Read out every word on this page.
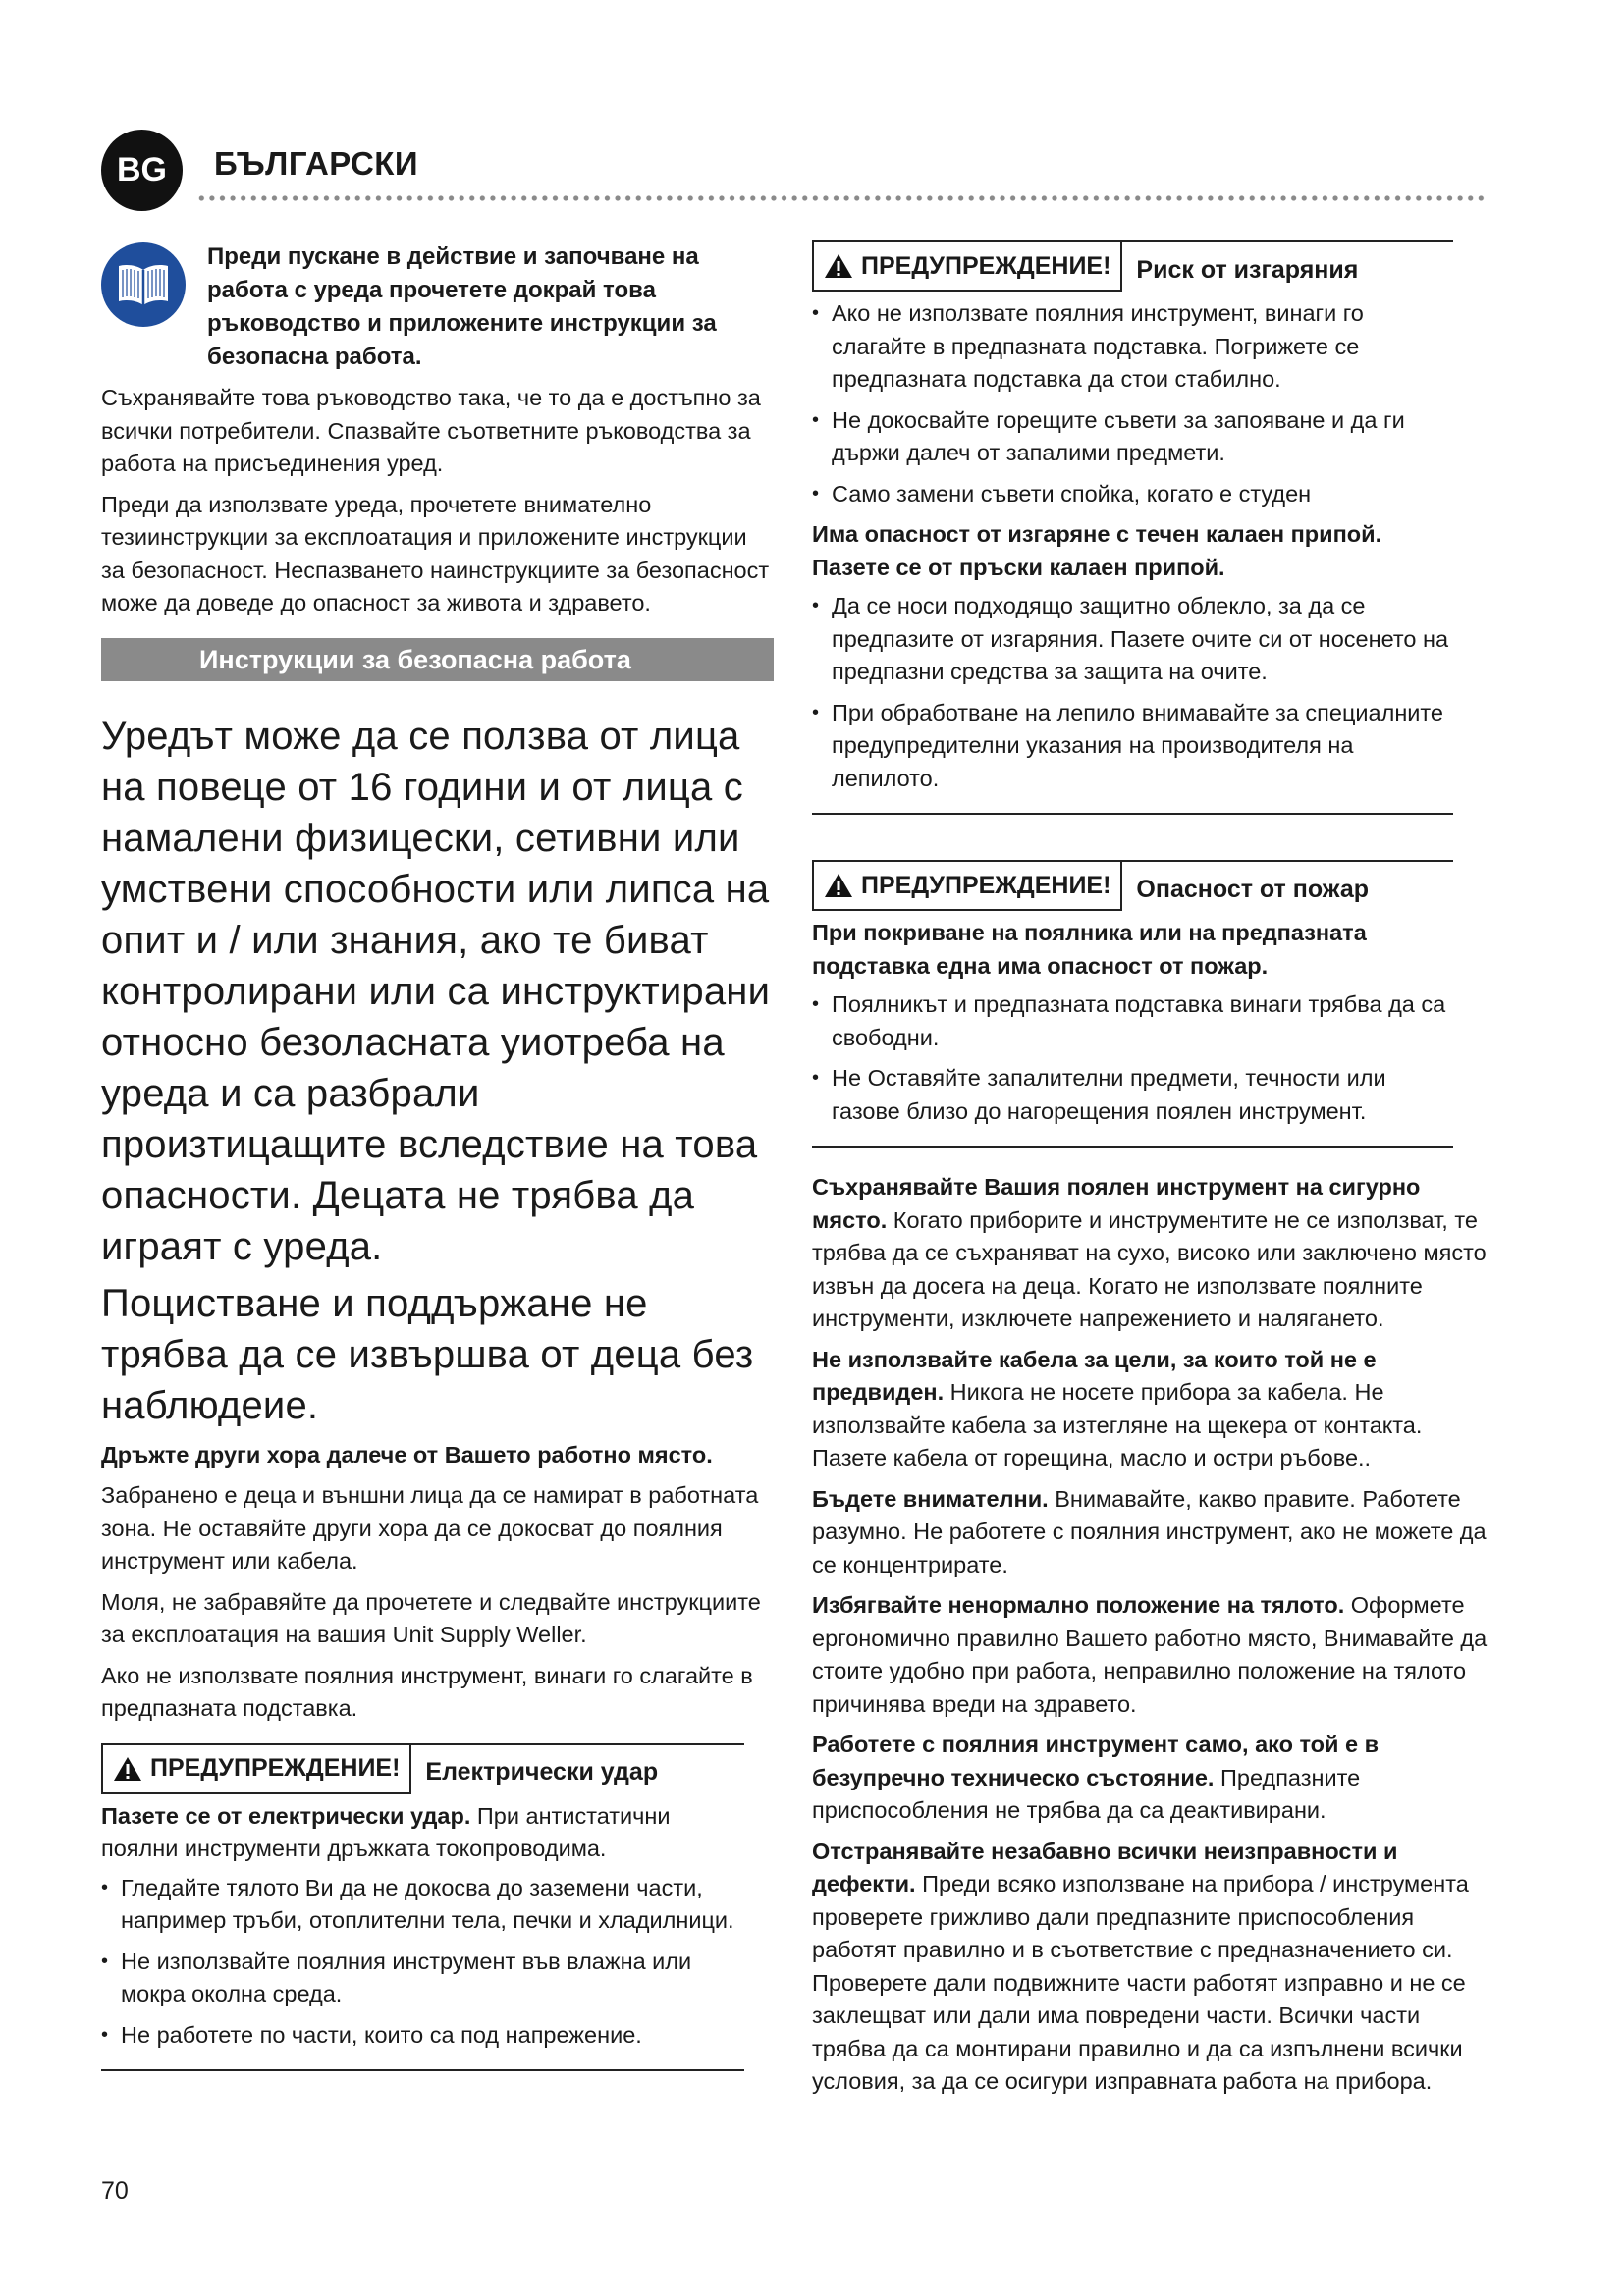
BG	БЪЛГАРСКИ

Преди пускане в действие и започване на работа с уреда прочетете докрай това ръководство и приложените инструкции за безопасна работа.

Съхранявайте това ръководство така, че то да е достъпно за всички потребители. Спазвайте съответните ръководства за работа на присъединения уред.

Преди да използвате уреда, прочетете внимателно тезиинструкции за експлоатация и приложените инструкции за безопасност. Неспазването наинструкциите за безопасност може да доведе до опасност за живота и здравето.

Инструкции за безопасна работа

Уредът може да се ползва от лица на повеце от 16 години и от лица с намалени физицески, сетивни или умствени способности или липса на опит и / или знания, ако те биват контролирани или са инструктирани относно безоласната уиотреба на уреда и са разбрали произтицащите вследствие на това опасности. Децата не трябва да играят с уреда.

Поцистване и поддържане не трябва да се извършва от деца без наблюдеие.

Дръжте други хора далече от Вашето работно място.

Забранено е деца и външни лица да се намират в работната зона. Не оставяйте други хора да се докосват до поялния инструмент или кабела.

Моля, не забравяйте да прочетете и следвайте инструкциите за експлоатация на вашия Unit Supply Weller.

Ако не използвате поялния инструмент, винаги го слагайте в предпазната подставка.

ПРЕДУПРЕЖДЕНИЕ!	Електрически удар

Пазете се от електрически удар. При антистатични поялни инструменти дръжката токопроводима.

• Гледайте тялото Ви да не докосва до заземени части, например тръби, отоплителни тела, печки и хладилници.
• Не използвайте поялния инструмент във влажна или мокра околна среда.
• Не работете по части, които са под напрежение.
ПРЕДУПРЕЖДЕНИЕ!	Риск от изгаряния
• Ако не използвате поялния инструмент, винаги го слагайте в предпазната подставка. Погрижете се предпазната подставка да стои стабилно.
• Не докосвайте горещите съвети за запояване и да ги държи далеч от запалими предмети.
• Само замени съвети спойка, когато е студен

Има опасност от изгаряне с течен калаен припой. Пазете се от пръски калаен припой.

• Да се носи подходящо защитно облекло, за да се предпазите от изгаряния. Пазете очите си от носенето на предпазни средства за защита на очите.
• При обработване на лепило внимавайте за специалните предупредителни указания на производителя на лепилото.
ПРЕДУПРЕЖДЕНИЕ!	Опасност от пожар

При покриване на поялника или на предпазната подставка една има опасност от пожар.

• Поялникът и предпазната подставка винаги трябва да са свободни.
• Не Оставяйте запалителни предмети, течности или газове близо до нагорещения поялен инструмент.

Съхранявайте Вашия поялен инструмент на сигурно място. Когато приборите и инструментите не се използват, те трябва да се съхраняват на сухо, високо или заключено място извън да досега на деца. Когато не използвате поялните инструменти, изключете напрежението и налягането.

Не използвайте кабела за цели, за които той не е предвиден. Никога не носете прибора за кабела. Не използвайте кабела за изтегляне на щекера от контакта. Пазете кабела от горещина, масло и остри ръбове..

Бъдете внимателни. Внимавайте, какво правите. Работете разумно. Не работете с поялния инструмент, ако не можете да се концентрирате.

Избягвайте ненормално положение на тялото. Оформете ергономично правилно Вашето работно място, Внимавайте да стоите удобно при работа, неправилно положение на тялото причинява вреди на здравето.

Работете с поялния инструмент само, ако той е в безупречно техническо състояние. Предпазните приспособления не трябва да са деактивирани.

Отстранявайте незабавно всички неизправности и дефекти. Преди всяко използване на прибора / инструмента проверете грижливо дали предпазните приспособления работят правилно и в съответствие с предназначението си. Проверете дали подвижните части работят изправно и не се заклещват или дали има повредени части. Всички части трябва да са монтирани правилно и да са изпълнени всички условия, за да се осигури изправната работа на прибора.

70
